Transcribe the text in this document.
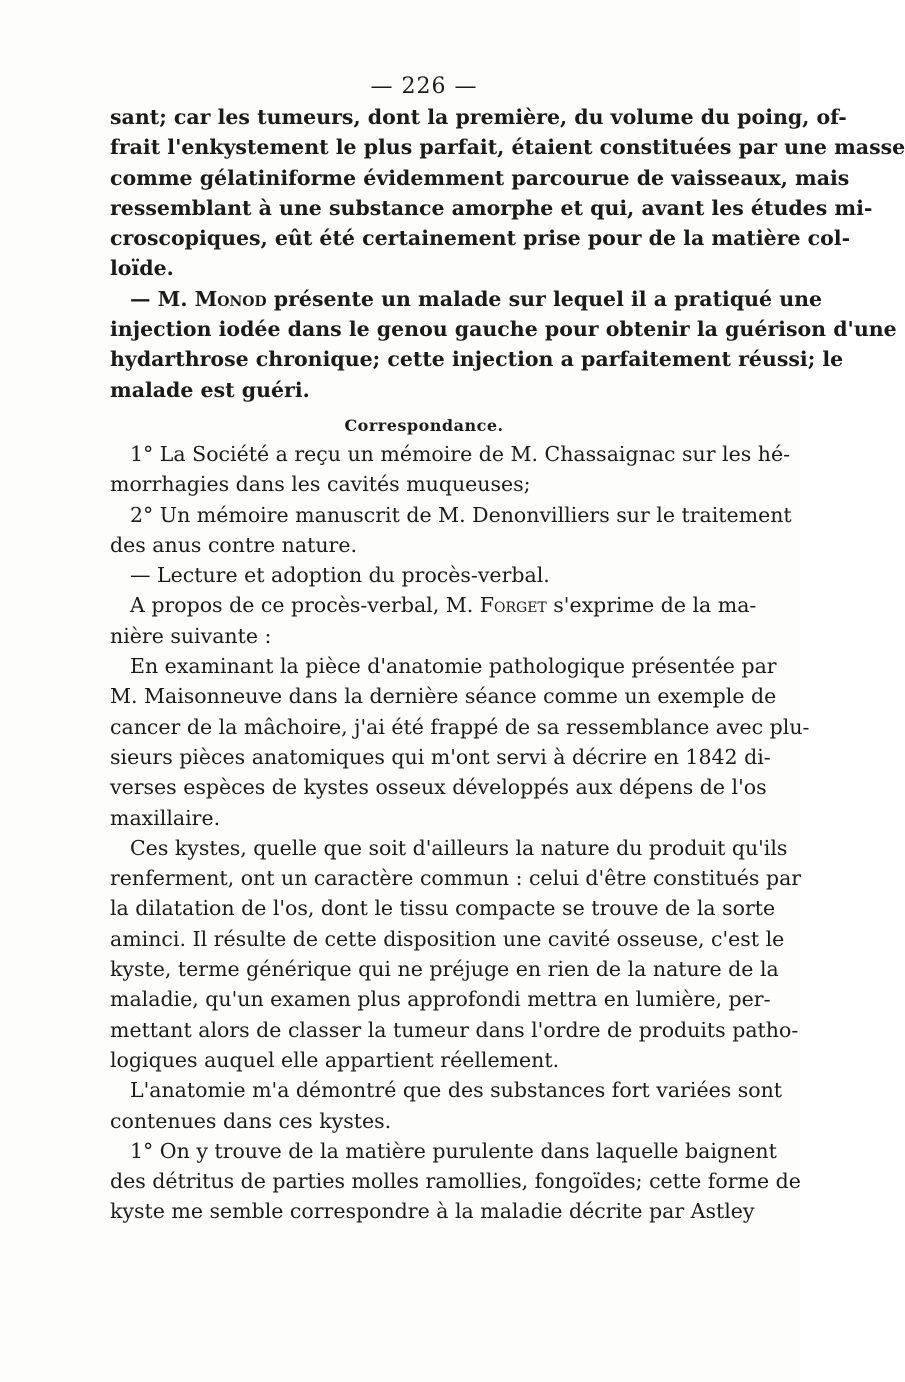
— 226 —
sant; car les tumeurs, dont la première, du volume du poing, of-
frait l'enkystement le plus parfait, étaient constituées par une masse
comme gélatiniforme évidemment parcourue de vaisseaux, mais
ressemblant à une substance amorphe et qui, avant les études mi-
croscopiques, eût été certainement prise pour de la matière col-
loïde.
— M. Monod présente un malade sur lequel il a pratiqué une
injection iodée dans le genou gauche pour obtenir la guérison d'une
hydarthrose chronique; cette injection a parfaitement réussi; le
malade est guéri.
Correspondance.
1° La Société a reçu un mémoire de M. Chassaignac sur les hé-
morrhagies dans les cavités muqueuses;
2° Un mémoire manuscrit de M. Denonvilliers sur le traitement
des anus contre nature.
— Lecture et adoption du procès-verbal.
A propos de ce procès-verbal, M. Forget s'exprime de la ma-
nière suivante :
En examinant la pièce d'anatomie pathologique présentée par
M. Maisonneuve dans la dernière séance comme un exemple de
cancer de la mâchoire, j'ai été frappé de sa ressemblance avec plu-
sieurs pièces anatomiques qui m'ont servi à décrire en 1842 di-
verses espèces de kystes osseux développés aux dépens de l'os
maxillaire.
Ces kystes, quelle que soit d'ailleurs la nature du produit qu'ils
renferment, ont un caractère commun : celui d'être constitués par
la dilatation de l'os, dont le tissu compacte se trouve de la sorte
aminci. Il résulte de cette disposition une cavité osseuse, c'est le
kyste, terme générique qui ne préjuge en rien de la nature de la
maladie, qu'un examen plus approfondi mettra en lumière, per-
mettant alors de classer la tumeur dans l'ordre de produits patho-
logiques auquel elle appartient réellement.
L'anatomie m'a démontré que des substances fort variées sont
contenues dans ces kystes.
1° On y trouve de la matière purulente dans laquelle baignent
des détritus de parties molles ramollies, fongoïdes; cette forme de
kyste me semble correspondre à la maladie décrite par Astley
